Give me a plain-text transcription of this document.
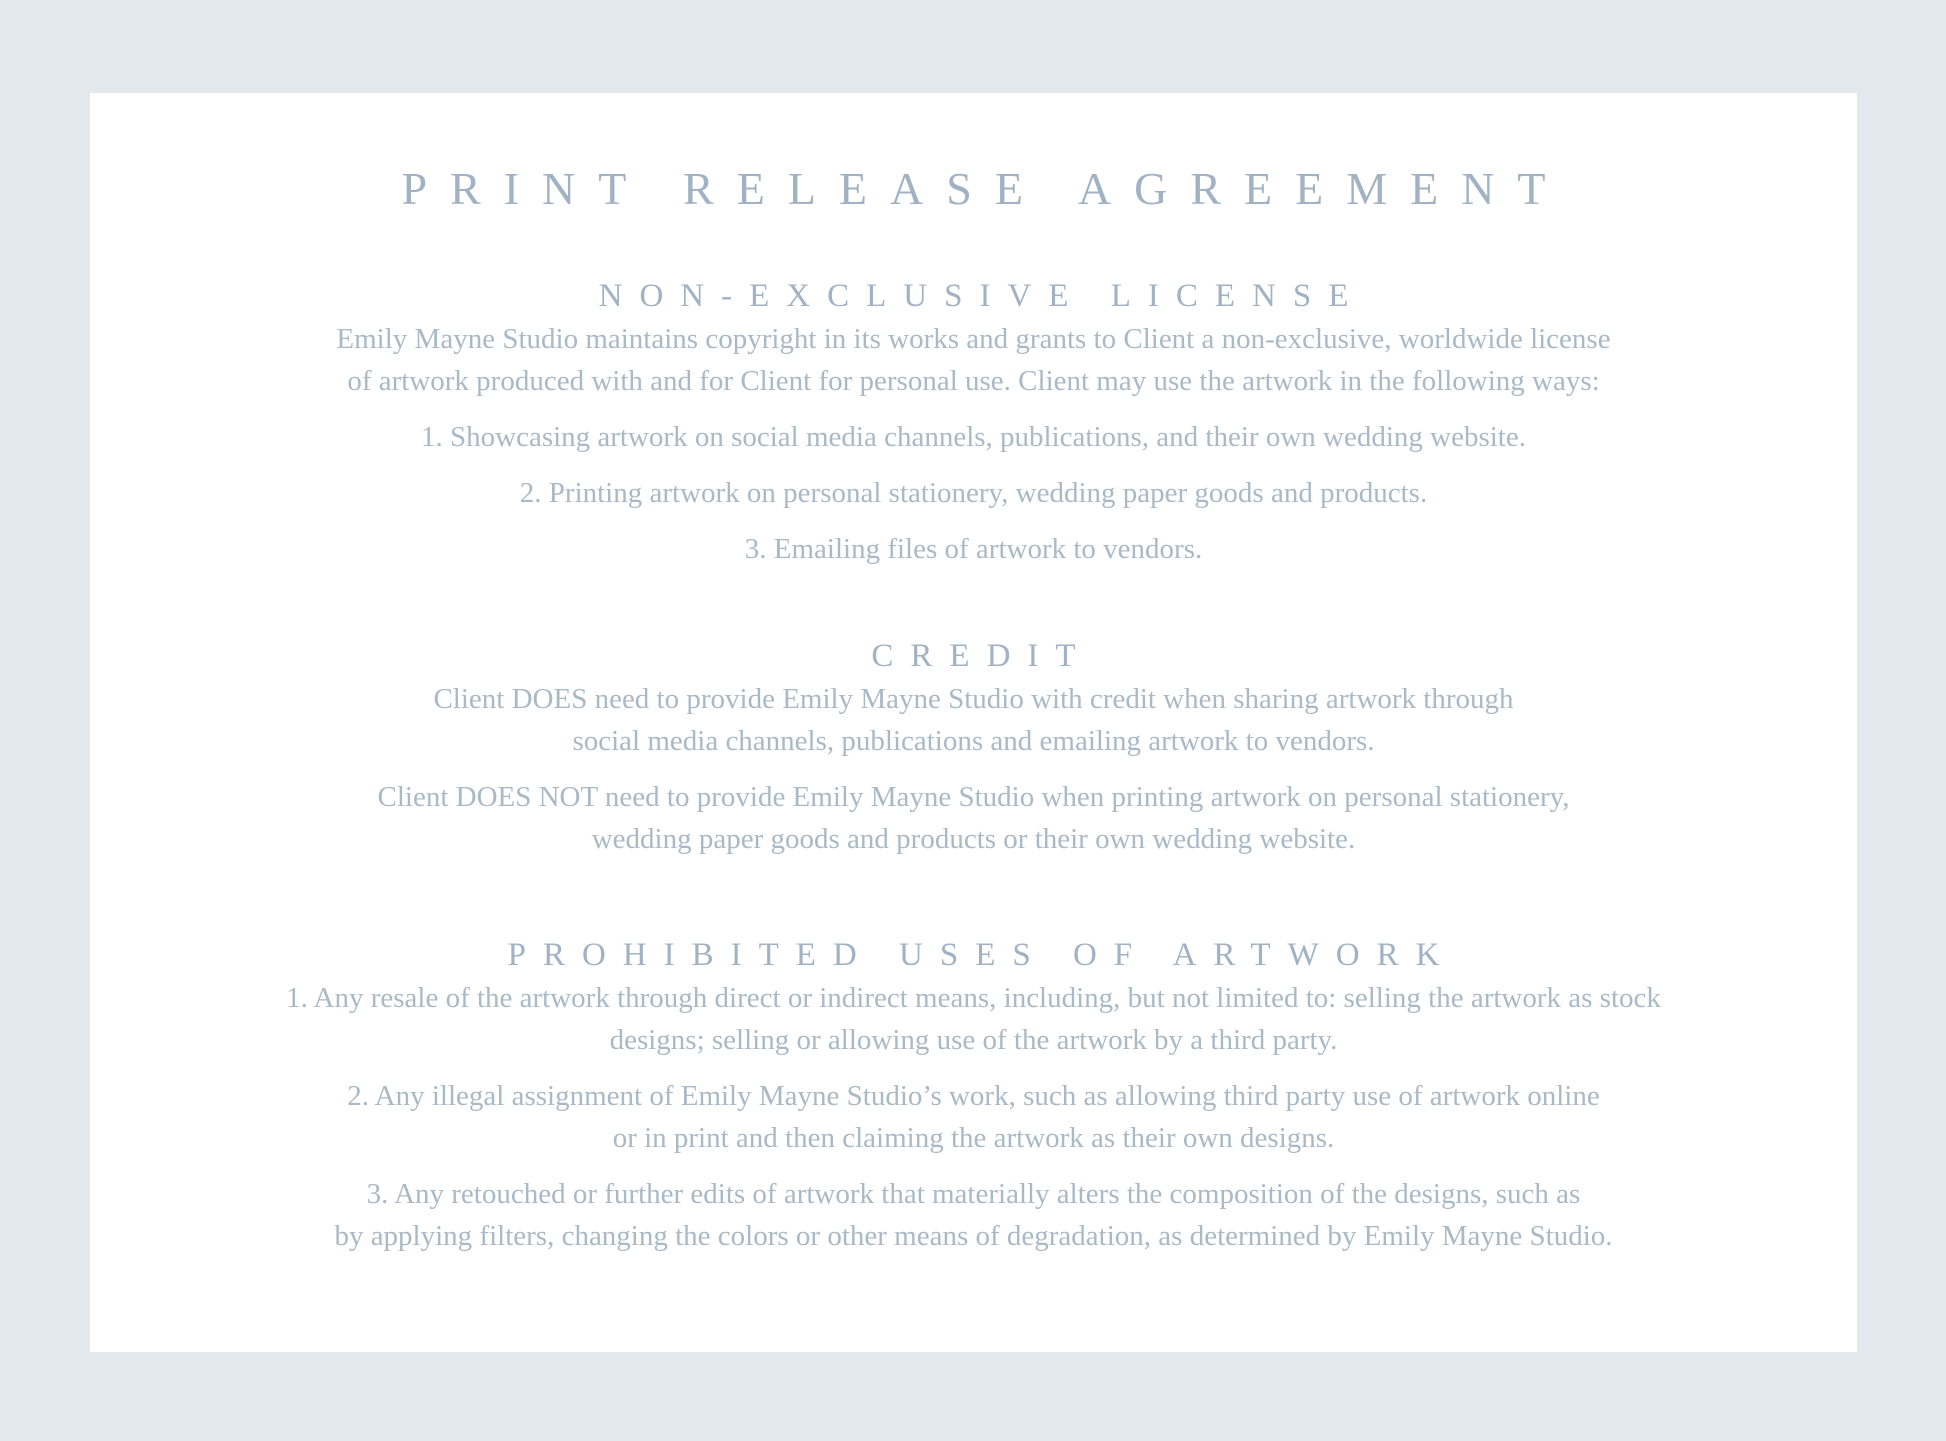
PRINT RELEASE AGREEMENT
NON-EXCLUSIVE LICENSE

Emily Mayne Studio maintains copyright in its works and grants to Client a non-exclusive, worldwide license
of artwork produced with and for Client for personal use. Client may use the artwork in the following ways:

1. Showcasing artwork on social media channels, publications, and their own wedding website.

2. Printing artwork on personal stationery, wedding paper goods and products.

3. Emailing files of artwork to vendors.

CREDIT

Client DOES need to provide Emily Mayne Studio with credit when sharing artwork through
social media channels, publications and emailing artwork to vendors.

Client DOES NOT need to provide Emily Mayne Studio when printing artwork on personal stationery,
wedding paper goods and products or their own wedding website.

PROHIBITED USES OF ARTWORK

1. Any resale of the artwork through direct or indirect means, including, but not limited to: selling the artwork as stock
designs; selling or allowing use of the artwork by a third party.

2. Any illegal assignment of Emily Mayne Studio’s work, such as allowing third party use of artwork online
or in print and then claiming the artwork as their own designs.

3. Any retouched or further edits of artwork that materially alters the composition of the designs, such as
by applying filters, changing the colors or other means of degradation, as determined by Emily Mayne Studio.
